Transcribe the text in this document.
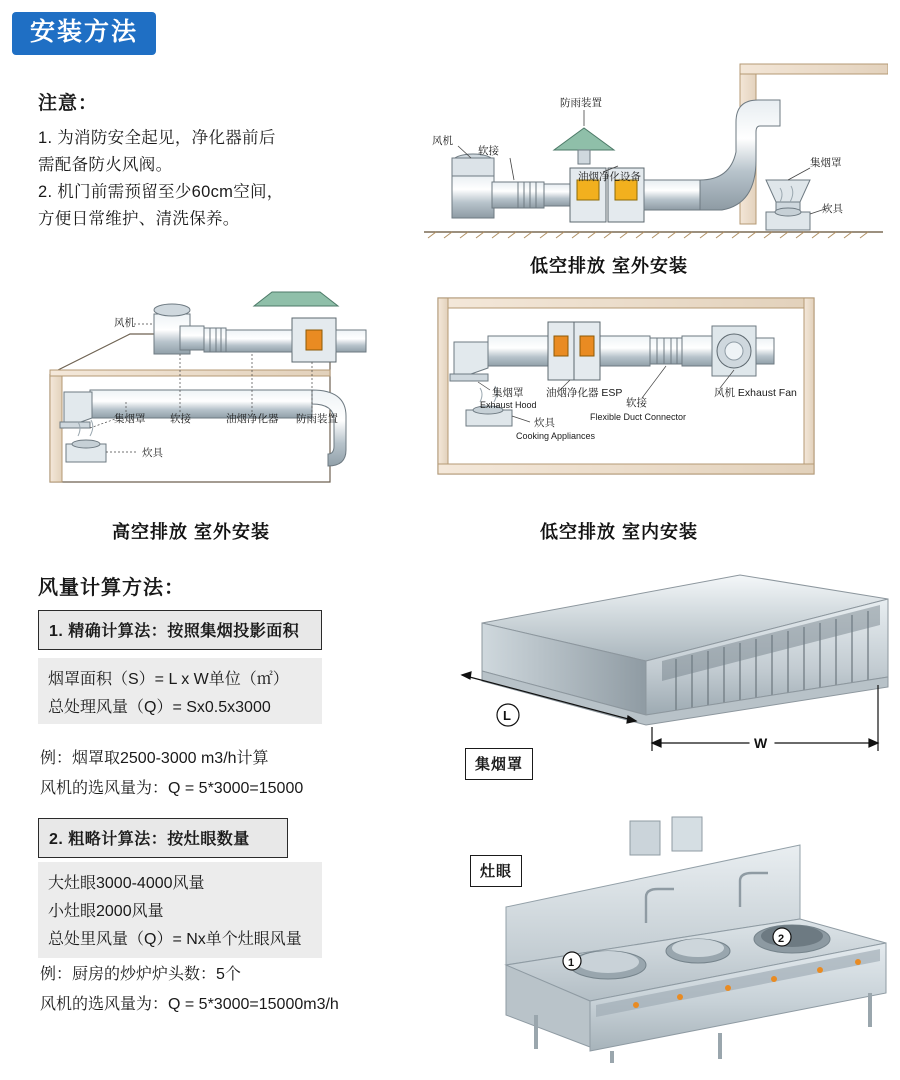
安装方法
注意：
1. 为消防安全起见，净化器前后
需配备防火风阀。
2. 机门前需预留至少60cm空间，
方便日常维护、清洗保养。
防雨装置
风机
软接
油烟净化设备
集烟罩
炊具
低空排放 室外安装
风机
集烟罩 软接	油烟净化器 防雨装置
炊具
高空排放 室外安装
集烟罩
Exhaust Hood
油烟净化器 ESP
软接
Flexible Duct Connector
风机 Exhaust Fan
炊具
Cooking Appliances
低空排放 室内安装
风量计算方法：
1. 精确计算法：按照集烟投影面积
烟罩面积（S）= L x W单位（㎡）
总处理风量（Q）= Sx0.5x3000
例：烟罩取2500-3000 m3/h计算
风机的选风量为：Q = 5*3000=15000
2. 粗略计算法：按灶眼数量
大灶眼3000-4000风量
小灶眼2000风量
总处里风量（Q）= Nx单个灶眼风量
例：厨房的炒炉炉头数：5个
风机的选风量为：Q = 5*3000=15000m3/h
L
W
集烟罩
1
2
灶眼
